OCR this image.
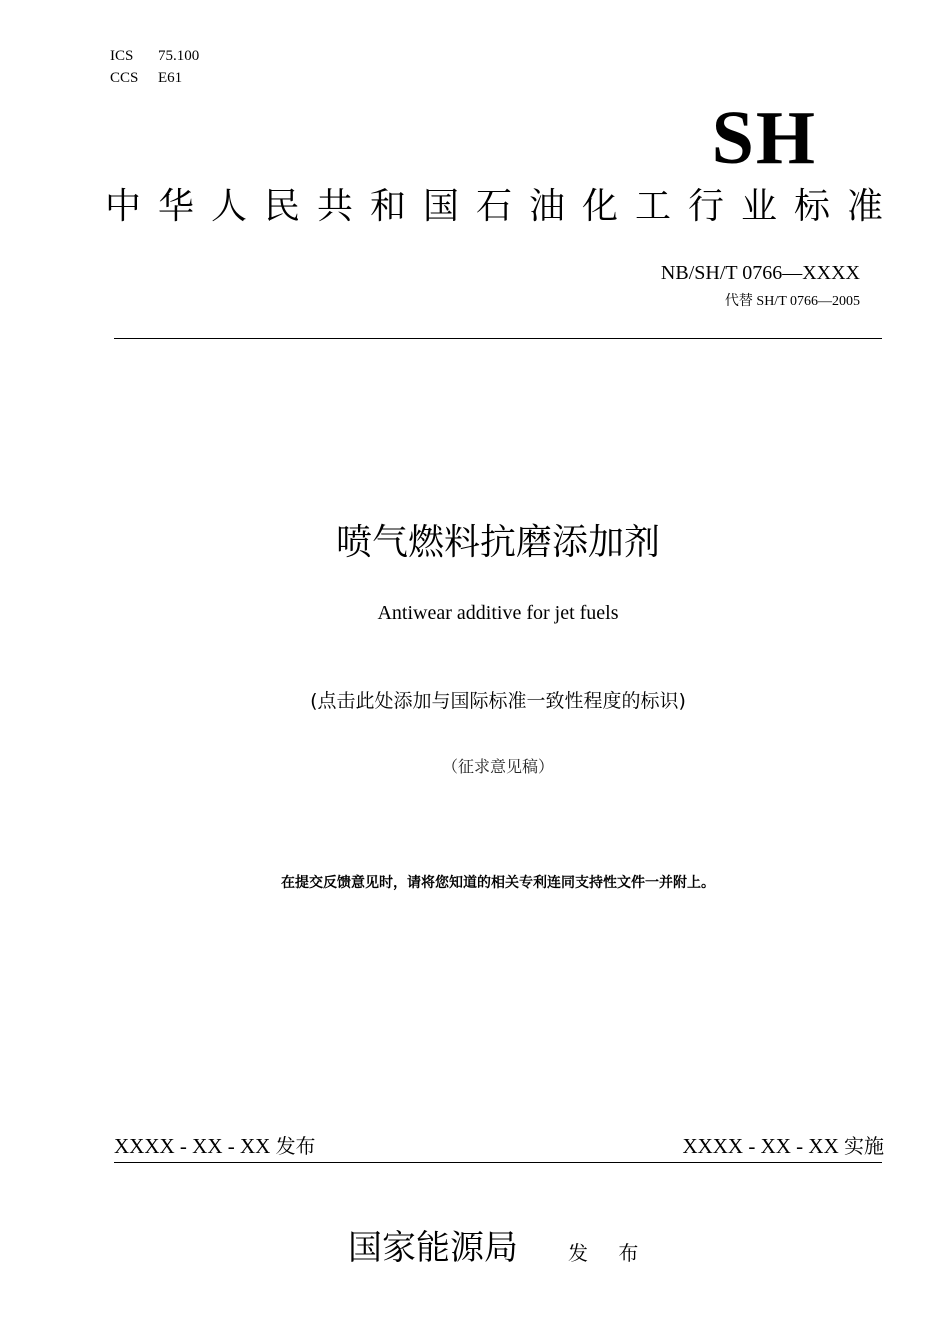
ICS 75.100
CCS E61
SH
中华人民共和国石油化工行业标准
NB/SH/T 0766—XXXX
代替 SH/T 0766—2005
喷气燃料抗磨添加剂
Antiwear additive for jet fuels
(点击此处添加与国际标准一致性程度的标识)
（征求意见稿）
在提交反馈意见时，请将您知道的相关专利连同支持性文件一并附上。
XXXX - XX - XX 发布	XXXX - XX - XX 实施
国家能源局	发 布
